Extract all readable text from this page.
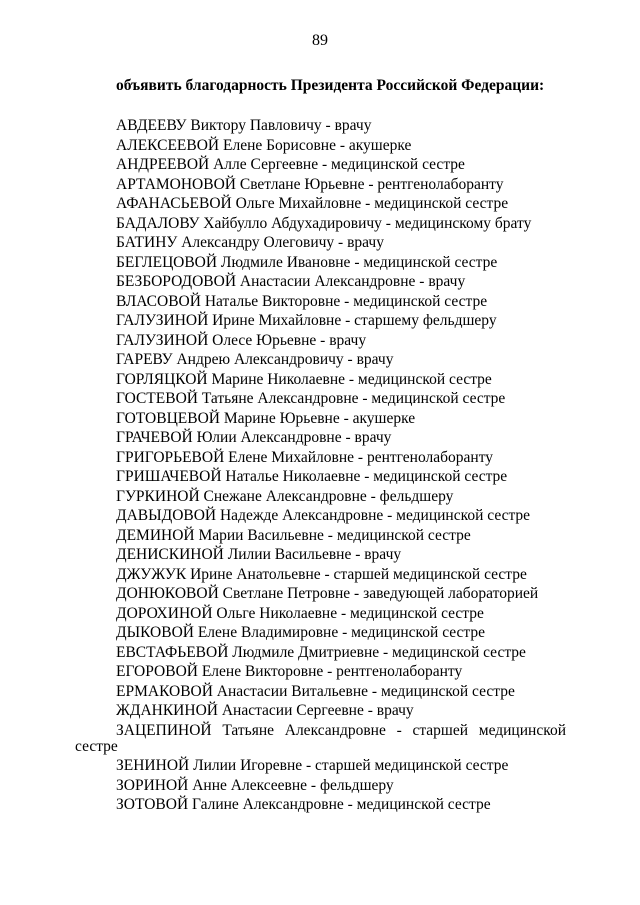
89
объявить благодарность Президента Российской Федерации:
АВДЕЕВУ Виктору Павловичу - врачу
АЛЕКСЕЕВОЙ Елене Борисовне - акушерке
АНДРЕЕВОЙ Алле Сергеевне - медицинской сестре
АРТАМОНОВОЙ Светлане Юрьевне - рентгенолаборанту
АФАНАСЬЕВОЙ Ольге Михайловне - медицинской сестре
БАДАЛОВУ Хайбулло Абдухадировичу - медицинскому брату
БАТИНУ Александру Олеговичу - врачу
БЕГЛЕЦОВОЙ Людмиле Ивановне - медицинской сестре
БЕЗБОРОДОВОЙ Анастасии Александровне - врачу
ВЛАСОВОЙ Наталье Викторовне - медицинской сестре
ГАЛУЗИНОЙ Ирине Михайловне - старшему фельдшеру
ГАЛУЗИНОЙ Олесе Юрьевне - врачу
ГАРЕВУ Андрею Александровичу - врачу
ГОРЛЯЦКОЙ Марине Николаевне - медицинской сестре
ГОСТЕВОЙ Татьяне Александровне - медицинской сестре
ГОТОВЦЕВОЙ Марине Юрьевне - акушерке
ГРАЧЕВОЙ Юлии Александровне - врачу
ГРИГОРЬЕВОЙ Елене Михайловне - рентгенолаборанту
ГРИШАЧЕВОЙ Наталье Николаевне - медицинской сестре
ГУРКИНОЙ Снежане Александровне - фельдшеру
ДАВЫДОВОЙ Надежде Александровне - медицинской сестре
ДЕМИНОЙ Марии Васильевне - медицинской сестре
ДЕНИСКИНОЙ Лилии Васильевне - врачу
ДЖУЖУК Ирине Анатольевне - старшей медицинской сестре
ДОНЮКОВОЙ Светлане Петровне - заведующей лабораторией
ДОРОХИНОЙ Ольге Николаевне - медицинской сестре
ДЫКОВОЙ Елене Владимировне - медицинской сестре
ЕВСТАФЬЕВОЙ Людмиле Дмитриевне - медицинской сестре
ЕГОРОВОЙ Елене Викторовне - рентгенолаборанту
ЕРМАКОВОЙ Анастасии Витальевне - медицинской сестре
ЖДАНКИНОЙ Анастасии Сергеевне - врачу
ЗАЦЕПИНОЙ Татьяне Александровне - старшей медицинской
сестре
ЗЕНИНОЙ Лилии Игоревне - старшей медицинской сестре
ЗОРИНОЙ Анне Алексеевне - фельдшеру
ЗОТОВОЙ Галине Александровне - медицинской сестре
